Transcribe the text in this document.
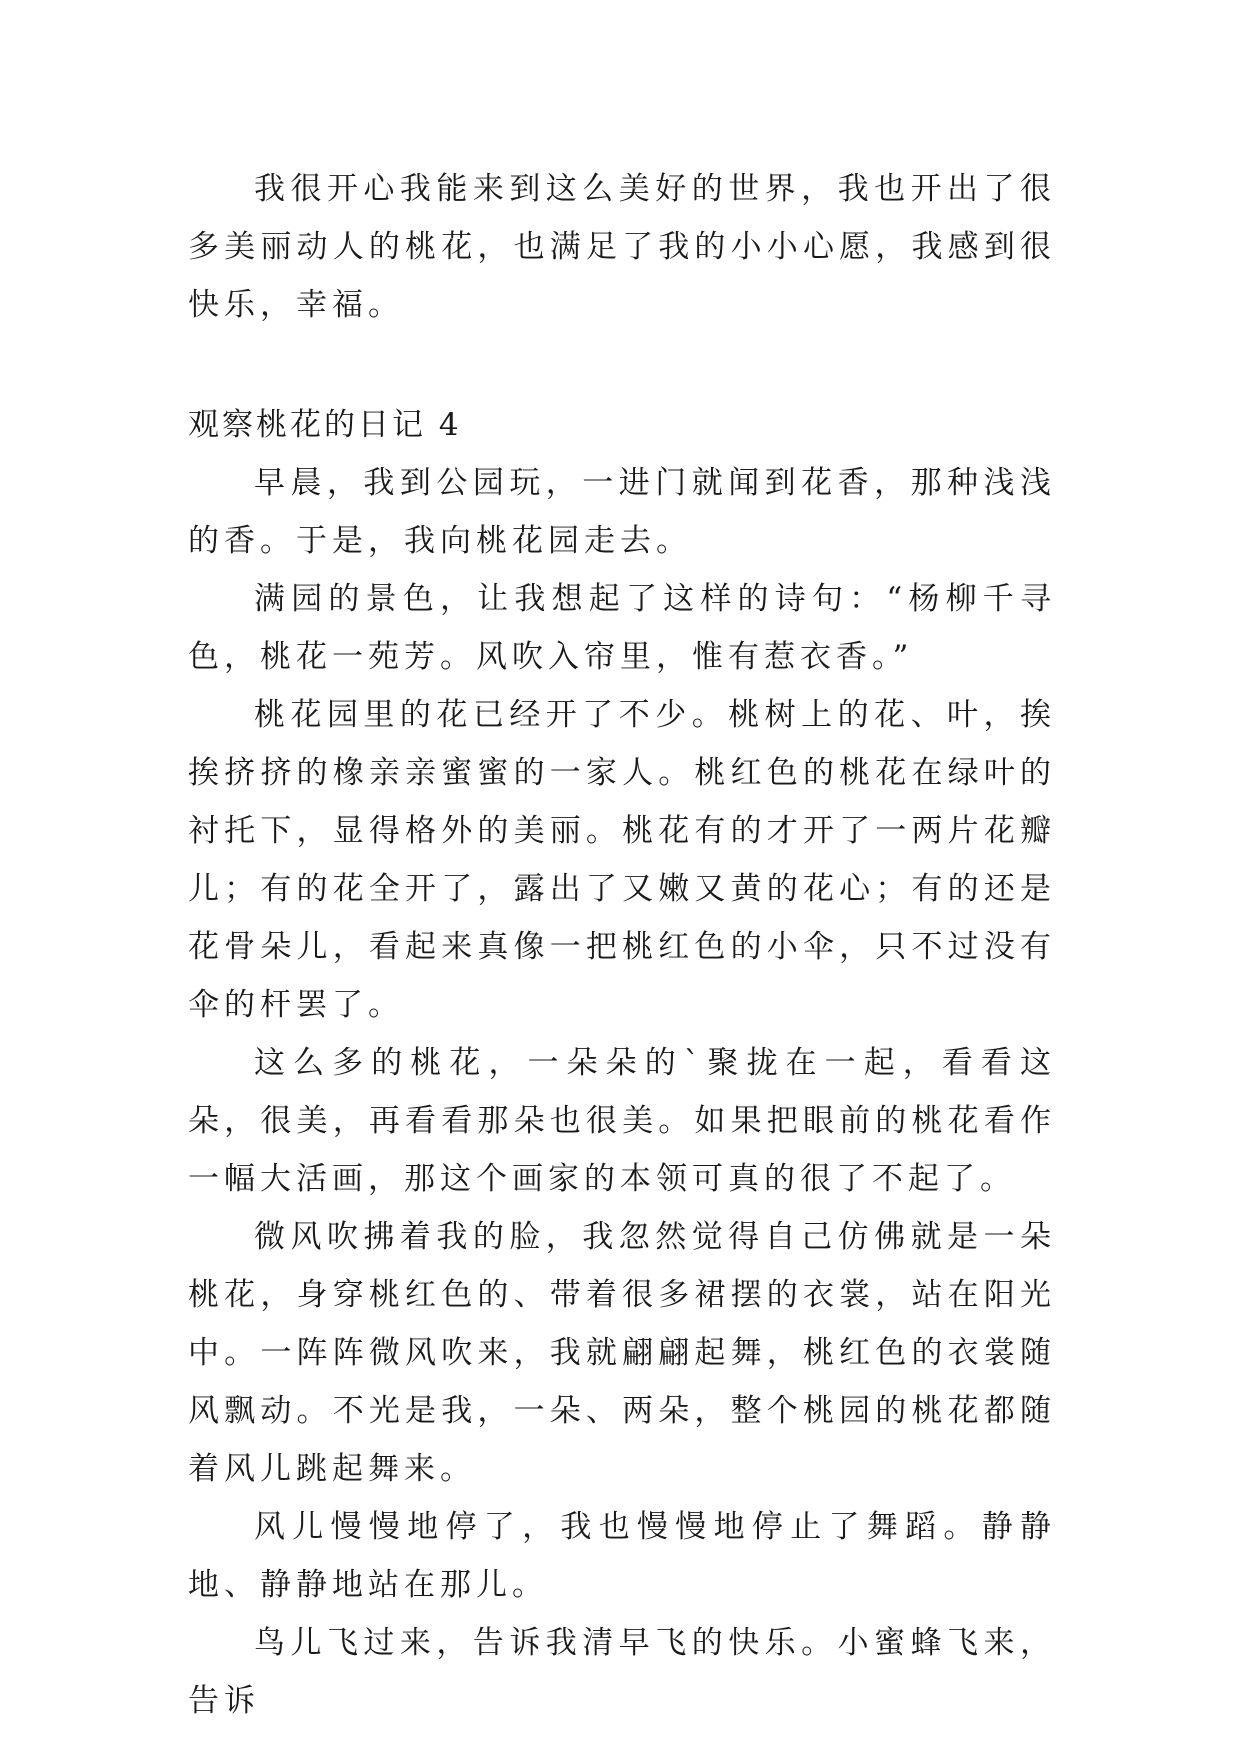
我很开心我能来到这么美好的世界，我也开出了很多美丽动人的桃花，也满足了我的小小心愿，我感到很快乐，幸福。

观察桃花的日记 4

早晨，我到公园玩，一进门就闻到花香，那种浅浅的香。于是，我向桃花园走去。

满园的景色，让我想起了这样的诗句：“杨柳千寻色，桃花一苑芳。风吹入帘里，惟有惹衣香。”

桃花园里的花已经开了不少。桃树上的花、叶，挨挨挤挤的橡亲亲蜜蜜的一家人。桃红色的桃花在绿叶的衬托下，显得格外的美丽。桃花有的才开了一两片花瓣儿；有的花全开了，露出了又嫩又黄的花心；有的还是花骨朵儿，看起来真像一把桃红色的小伞，只不过没有伞的杆罢了。

这么多的桃花，一朵朵的`聚拢在一起，看看这朵，很美，再看看那朵也很美。如果把眼前的桃花看作一幅大活画，那这个画家的本领可真的很了不起了。

微风吹拂着我的脸，我忽然觉得自己仿佛就是一朵桃花，身穿桃红色的、带着很多裙摆的衣裳，站在阳光中。一阵阵微风吹来，我就翩翩起舞，桃红色的衣裳随风飘动。不光是我，一朵、两朵，整个桃园的桃花都随着风儿跳起舞来。

风儿慢慢地停了，我也慢慢地停止了舞蹈。静静地、静静地站在那儿。

鸟儿飞过来，告诉我清早飞的快乐。小蜜蜂飞来，告诉
